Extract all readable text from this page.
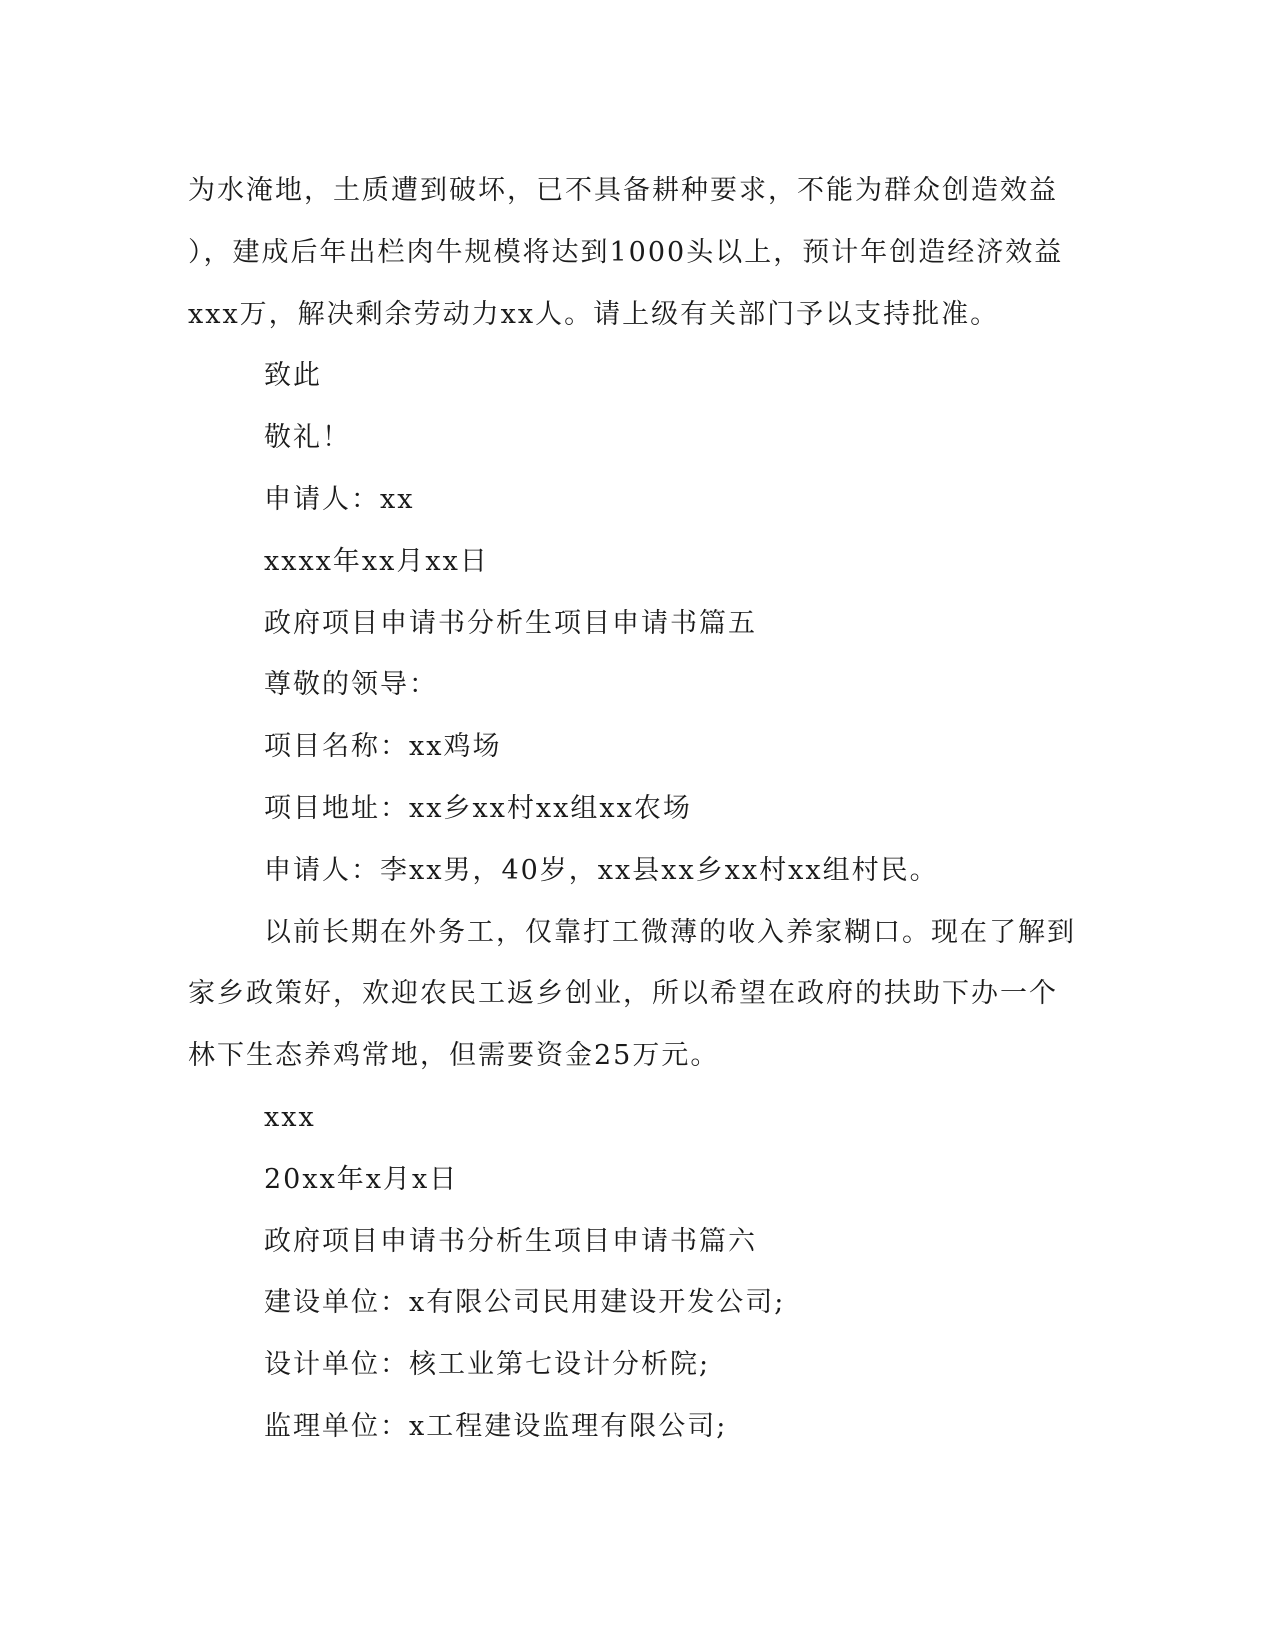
为水淹地，土质遭到破坏，已不具备耕种要求，不能为群众创造效益
），建成后年出栏肉牛规模将达到1000头以上，预计年创造经济效益
xxx万，解决剩余劳动力xx人。请上级有关部门予以支持批准。
致此
敬礼！
申请人：xx
xxxx年xx月xx日
政府项目申请书分析生项目申请书篇五
尊敬的领导：
项目名称：xx鸡场
项目地址：xx乡xx村xx组xx农场
申请人：李xx男，40岁，xx县xx乡xx村xx组村民。
以前长期在外务工，仅靠打工微薄的收入养家糊口。现在了解到
家乡政策好，欢迎农民工返乡创业，所以希望在政府的扶助下办一个
林下生态养鸡常地，但需要资金25万元。
xxx
20xx年x月x日
政府项目申请书分析生项目申请书篇六
建设单位：x有限公司民用建设开发公司;
设计单位：核工业第七设计分析院;
监理单位：x工程建设监理有限公司;
